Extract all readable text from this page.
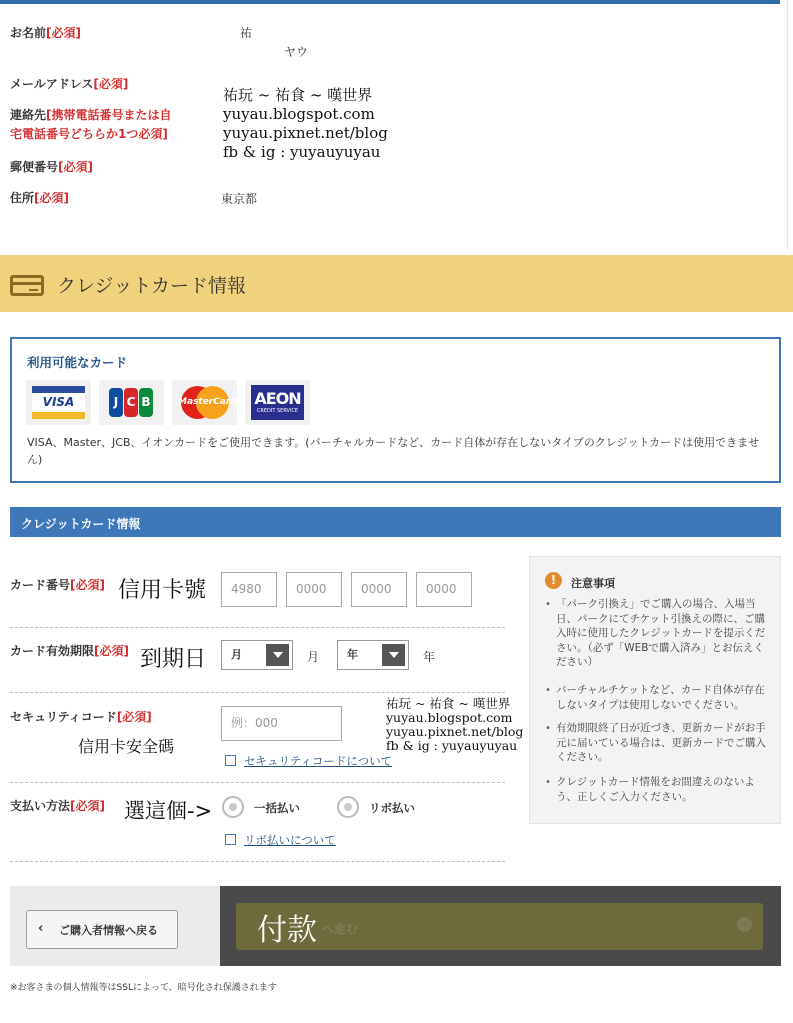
お名前[必須]	祐
ヤウ
メールアドレス[必須]
連絡先[携帯電話番号または自
宅電話番号どちらか1つ必須]
郵便番号[必須]
住所[必須]	東京都
祐玩 ~ 祐食 ~ 嘆世界
yuyau.blogspot.com
yuyau.pixnet.net/blog
fb & ig : yuyauyuyau
クレジットカード情報
利用可能なカード
VISA	J C B	MasterCard AEON
CREDIT SERVICE
VISA、Master、JCB、イオンカードをご使用できます。(バーチャルカードなど、カード自体が存在しないタイプのクレジットカードは使用できません)
クレジットカード情報
カード番号[必須] 信用卡號	4980	0000	0000	0000
カード有効期限[必須] 到期日	月	月	年	年
セキュリティコード[必須]
信用卡安全碼
例：000
セキュリティコードについて
祐玩 ~ 祐食 ~ 嘆世界
yuyau.blogspot.com
yuyau.pixnet.net/blog
fb & ig : yuyauyuyau
支払い方法[必須] 選這個->	一括払い	リボ払い
リボ払いについて
!	注意事項
• 「パーク引換え」でご購入の場合、入場当日、パークにてチケット引換えの際に、ご購入時に使用したクレジットカードを提示ください。（必ず「WEBで購入済み」とお伝えください）
• バーチャルチケットなど、カード自体が存在しないタイプは使用しないでください。
• 有効期限終了日が近づき、更新カードがお手元に届いている場合は、更新カードでご購入ください。
• クレジットカード情報をお間違えのないよう、正しくご入力ください。
‹ ご購入者情報へ戻る	へ進む	›
付款
※お客さまの個人情報等はSSLによって、暗号化され保護されます
